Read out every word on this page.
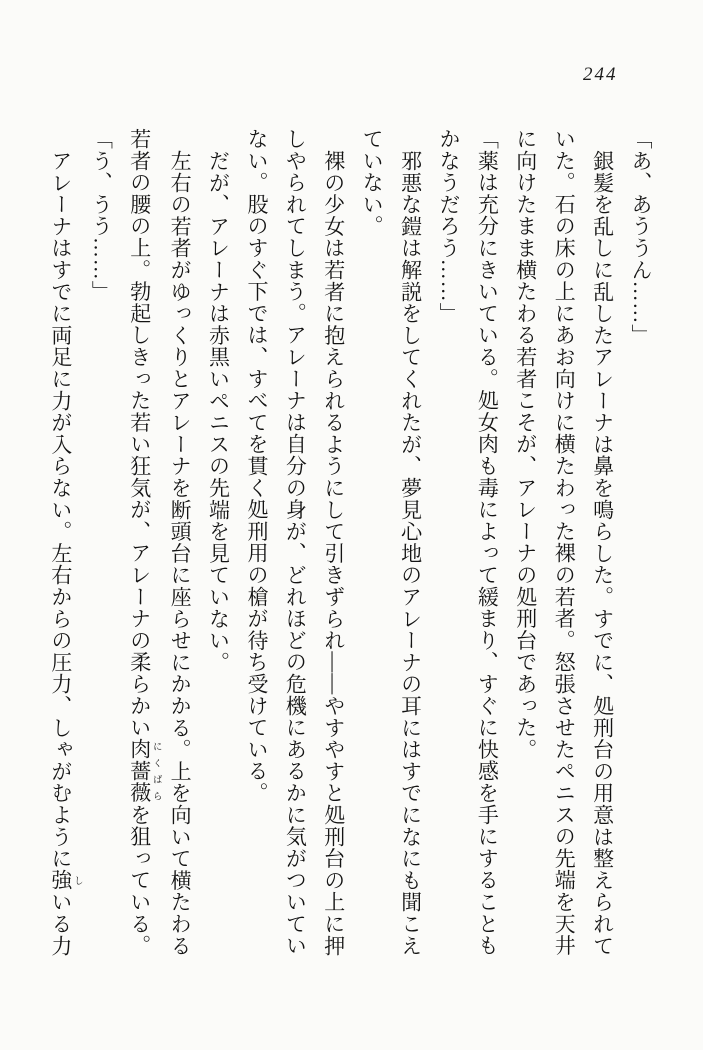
244

「あ、あううん……」

銀髪を乱しに乱したアレーナは鼻を鳴らした。すでに、処刑台の用意は整えられて

いた。石の床の上にあお向けに横たわった裸の若者。怒張させたペニスの先端を天井

に向けたまま横たわる若者こそが、アレーナの処刑台であった。

「薬は充分にきいている。処女肉も毒によって緩まり、すぐに快感を手にすることも

かなうだろう……」

邪悪な鎧は解説をしてくれたが、夢見心地のアレーナの耳にはすでになにも聞こえ

ていない。

裸の少女は若者に抱えられるようにして引きずられ――やすやすと処刑台の上に押

しやられてしまう。アレーナは自分の身が、どれほどの危機にあるかに気がついてい

ない。股のすぐ下では、すべてを貫く処刑用の槍が待ち受けている。

だが、アレーナは赤黒いペニスの先端を見ていない。

左右の若者がゆっくりとアレーナを断頭台に座らせにかかる。上を向いて横たわる

若者の腰の上。勃起しきった若い狂気が、アレーナの柔らかい肉薔薇 にくばらを狙っている。

「う、うう……」

アレーナはすでに両足に力が入らない。左右からの圧力、しゃがむように強 しいる力
